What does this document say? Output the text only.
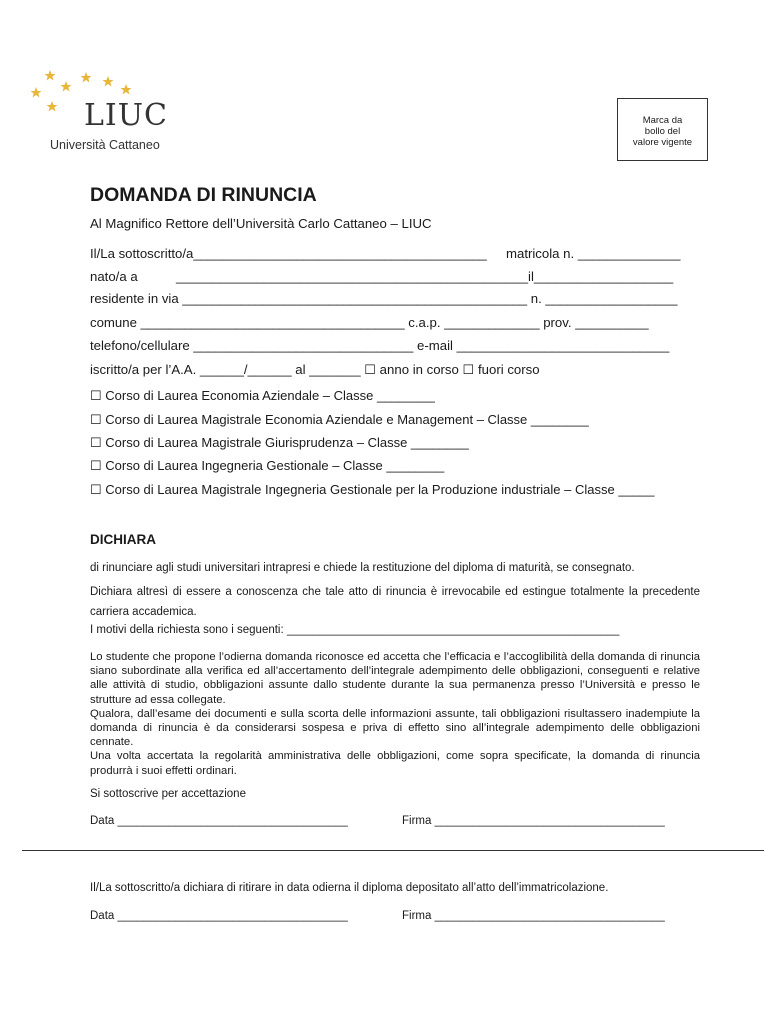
LIUC
Università Cattaneo
Marca da
bollo del
valore vigente
DOMANDA DI RINUNCIA
Al Magnifico Rettore dell’Università Carlo Cattaneo – LIUC
Il/La sottoscritto/a________________________________________ matricola n. ______________
nato/a a	________________________________________________il___________________
residente in via _______________________________________________ n. __________________
comune ____________________________________ c.a.p. _____________ prov. __________
telefono/cellulare ______________________________ e-mail _____________________________
iscritto/a per l’A.A. ______/______ al _______ ☐ anno in corso ☐ fuori corso
☐ Corso di Laurea Economia Aziendale – Classe ________
☐ Corso di Laurea Magistrale Economia Aziendale e Management – Classe ________
☐ Corso di Laurea Magistrale Giurisprudenza – Classe ________
☐ Corso di Laurea Ingegneria Gestionale – Classe ________
☐ Corso di Laurea Magistrale Ingegneria Gestionale per la Produzione industriale – Classe _____
DICHIARA
di rinunciare agli studi universitari intrapresi e chiede la restituzione del diploma di maturità, se consegnato.
Dichiara altresì di essere a conoscenza che tale atto di rinuncia è irrevocabile ed estingue totalmente la precedente carriera accademica.
I motivi della richiesta sono i seguenti: ____________________________________________________
Lo studente che propone l’odierna domanda riconosce ed accetta che l’efficacia e l’accoglibilità della domanda di rinuncia siano subordinate alla verifica ed all’accertamento dell’integrale adempimento delle obbligazioni, conseguenti e relative alle attività di studio, obbligazioni assunte dallo studente durante la sua permanenza presso l’Università e presso le strutture ad essa collegate.
Qualora, dall’esame dei documenti e sulla scorta delle informazioni assunte, tali obbligazioni risultassero inadempiute la domanda di rinuncia è da considerarsi sospesa e priva di effetto sino all’integrale adempimento delle obbligazioni cennate.
Una volta accertata la regolarità amministrativa delle obbligazioni, come sopra specificate, la domanda di rinuncia produrrà i suoi effetti ordinari.
Si sottoscrive per accettazione
Data ____________________________________	Firma ____________________________________
Il/La sottoscritto/a dichiara di ritirare in data odierna il diploma depositato all’atto dell’immatricolazione.
Data ____________________________________	Firma ____________________________________
